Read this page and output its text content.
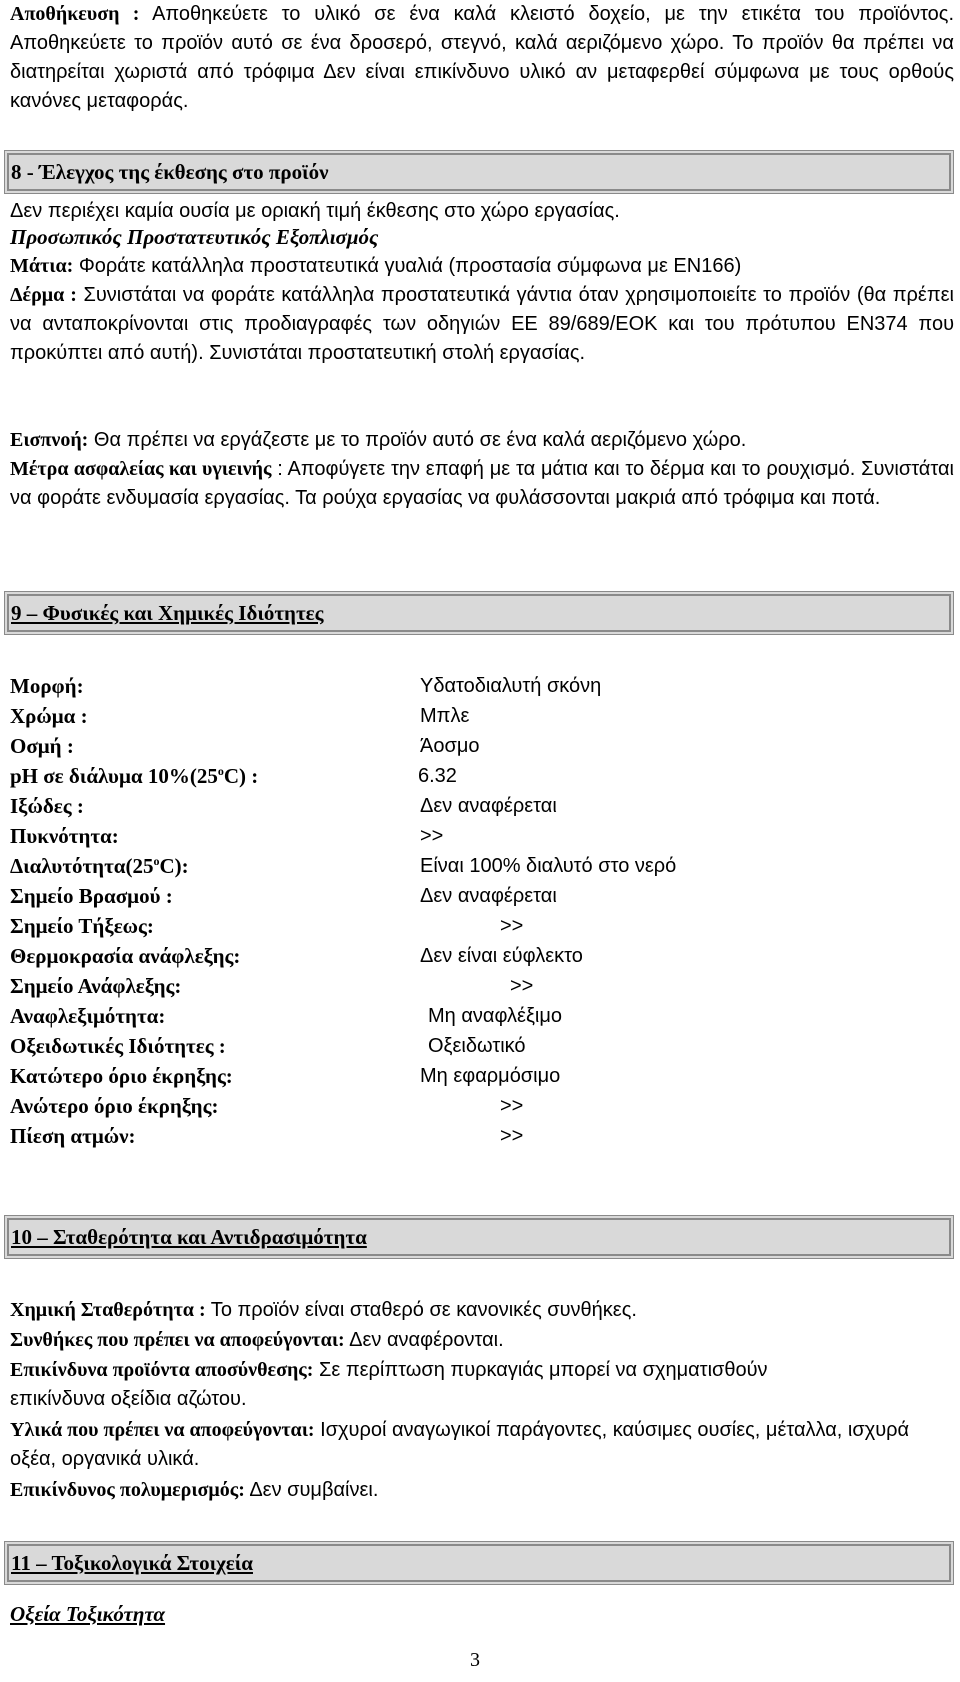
Αποθήκευση : Αποθηκεύετε το υλικό σε ένα καλά κλειστό δοχείο, με την ετικέτα του προϊόντος. Αποθηκεύετε το προϊόν αυτό σε ένα δροσερό, στεγνό, καλά αεριζόμενο χώρο. Το προϊόν θα πρέπει να διατηρείται χωριστά από τρόφιμα Δεν είναι επικίνδυνο υλικό αν μεταφερθεί σύμφωνα με τους ορθούς κανόνες μεταφοράς.
8 - Έλεγχος της έκθεσης στο προϊόν
Δεν περιέχει καμία ουσία με οριακή τιμή έκθεσης στο χώρο εργασίας.
Προσωπικός Προστατευτικός Εξοπλισμός
Μάτια: Φοράτε κατάλληλα προστατευτικά γυαλιά (προστασία σύμφωνα με EN166)
Δέρμα : Συνιστάται να φοράτε κατάλληλα προστατευτικά γάντια όταν χρησιμοποιείτε το προϊόν (θα πρέπει να ανταποκρίνονται στις προδιαγραφές των οδηγιών ΕΕ 89/689/ΕΟΚ και του πρότυπου ΕΝ374 που προκύπτει από αυτή). Συνιστάται προστατευτική στολή εργασίας.
Εισπνοή: Θα πρέπει να εργάζεστε με το προϊόν αυτό σε ένα καλά αεριζόμενο χώρο.
Μέτρα ασφαλείας και υγιεινής : Αποφύγετε την επαφή με τα μάτια και το δέρμα και το ρουχισμό. Συνιστάται να φοράτε ενδυμασία εργασίας. Τα ρούχα εργασίας να φυλάσσονται μακριά από τρόφιμα και ποτά.
9 – Φυσικές και Χημικές Ιδιότητες
Μορφή:	Υδατοδιαλυτή σκόνη
Χρώμα :	Μπλε
Οσμή :	Άοσμο
pH σε διάλυμα $10\%(25^oC)$ :	6.32
Ιξώδες :	Δεν αναφέρεται
Πυκνότητα:	>>
$\Delta\iota\alpha\lambda\upsilon\tau ό\tau\eta\tau\alpha(25^oC)$:	Είναι 100% διαλυτό στο νερό
Σημείο Βρασμού :	Δεν αναφέρεται
Σημείο Τήξεως:	>>
Θερμοκρασία ανάφλεξης:	Δεν είναι εύφλεκτο
Σημείο Ανάφλεξης:	>>
Αναφλεξιμότητα:	Μη αναφλέξιμο
Οξειδωτικές Ιδιότητες :	Οξειδωτικό
Κατώτερο όριο έκρηξης:	Μη εφαρμόσιμο
Ανώτερο όριο έκρηξης:	>>
Πίεση ατμών:	>>
10 – Σταθερότητα και Αντιδρασιμότητα
Χημική Σταθερότητα : Το προϊόν είναι σταθερό σε κανονικές συνθήκες.
Συνθήκες που πρέπει να αποφεύγονται: Δεν αναφέρονται.
Επικίνδυνα προϊόντα αποσύνθεσης: Σε περίπτωση πυρκαγιάς μπορεί να σχηματισθούν επικίνδυνα οξείδια αζώτου.
Υλικά που πρέπει να αποφεύγονται: Ισχυροί αναγωγικοί παράγοντες, καύσιμες ουσίες, μέταλλα, ισχυρά οξέα, οργανικά υλικά.
Επικίνδυνος πολυμερισμός: Δεν συμβαίνει.
11 – Τοξικολογικά Στοιχεία
Οξεία Τοξικότητα
3
